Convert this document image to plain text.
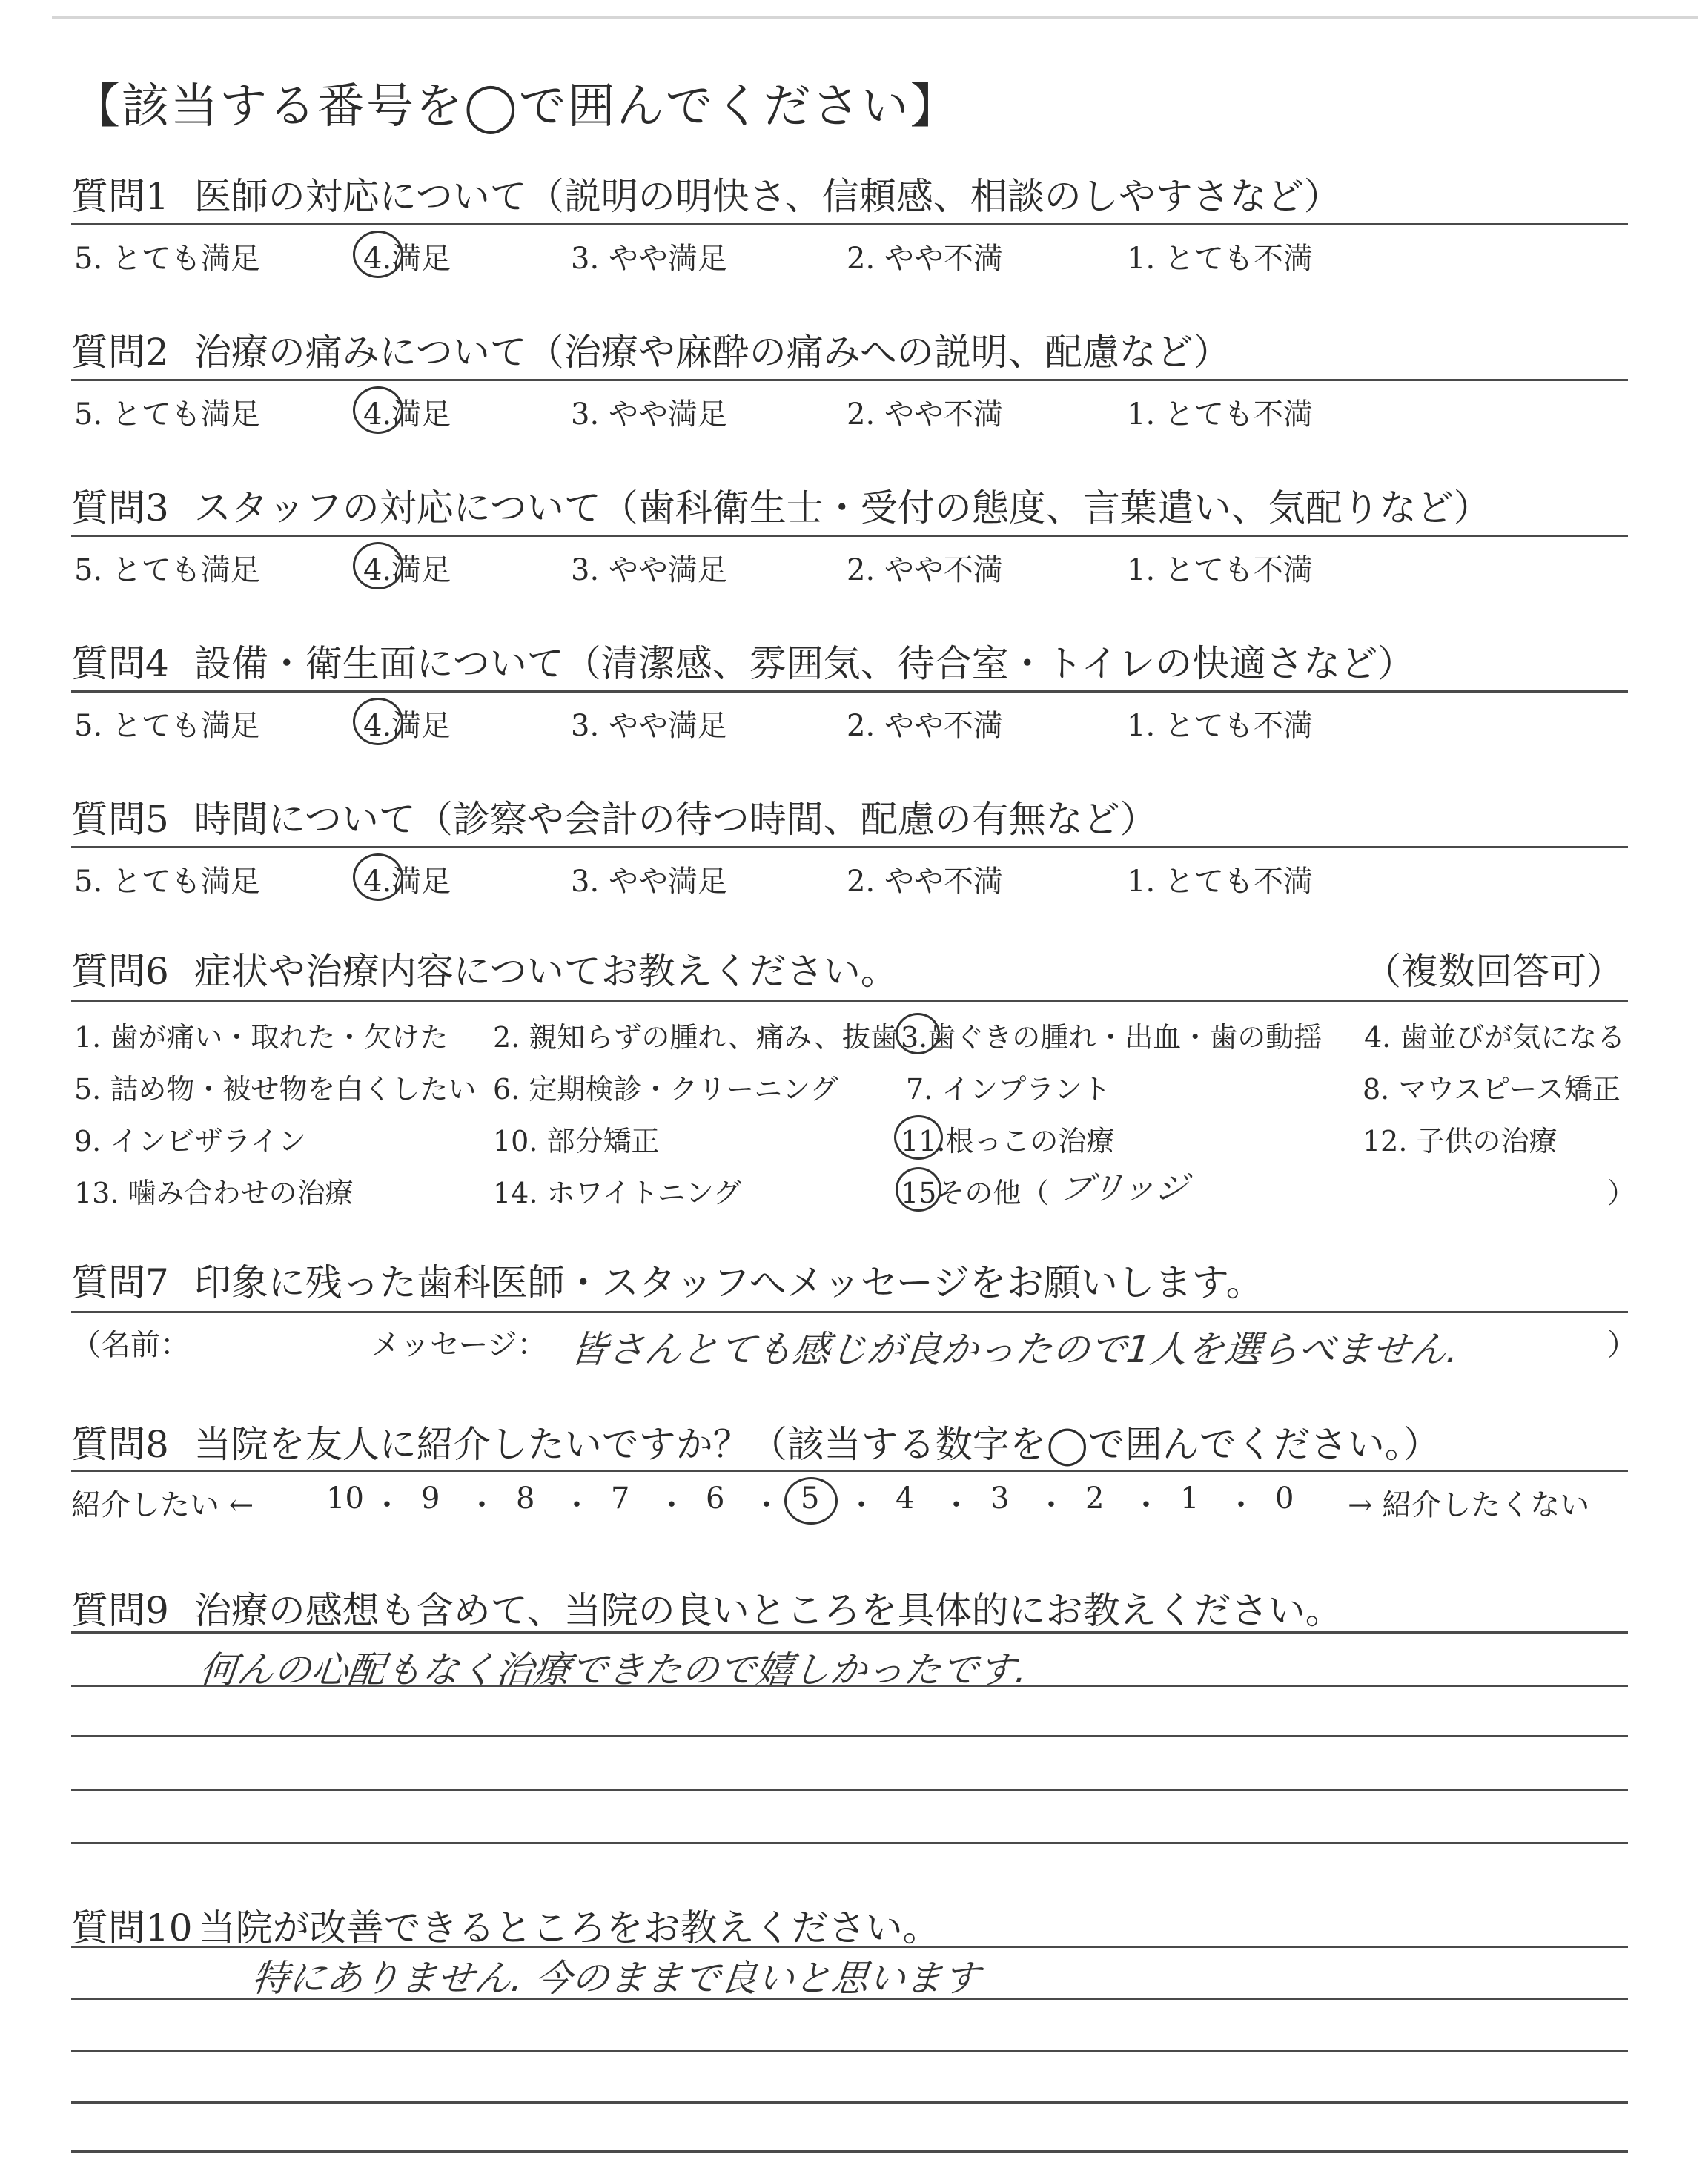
【該当する番号を◯で囲んでください】
質問1 医師の対応について（説明の明快さ、信頼感、相談のしやすさなど）
5. とても満足	4.満足	3. やや満足	2. やや不満	1. とても不満
質問2 治療の痛みについて（治療や麻酔の痛みへの説明、配慮など）
5. とても満足	4.満足	3. やや満足	2. やや不満	1. とても不満
質問3 スタッフの対応について（歯科衛生士・受付の態度、言葉遣い、気配りなど）
5. とても満足	4.満足	3. やや満足	2. やや不満	1. とても不満
質問4 設備・衛生面について（清潔感、雰囲気、待合室・トイレの快適さなど）
5. とても満足	4.満足	3. やや満足	2. やや不満	1. とても不満
質問5 時間について（診察や会計の待つ時間、配慮の有無など）
5. とても満足	4.満足	3. やや満足	2. やや不満	1. とても不満
質問6 症状や治療内容についてお教えください。	（複数回答可）
1. 歯が痛い・取れた・欠けた 2. 親知らずの腫れ、痛み、抜歯 3.歯ぐきの腫れ・出血・歯の動揺 4. 歯並びが気になる
5. 詰め物・被せ物を白くしたい 6. 定期検診・クリーニング 7. インプラント	8. マウスピース矯正
9. インビザライン	10. 部分矯正	11.根っこの治療	12. 子供の治療
13. 噛み合わせの治療	14. ホワイトニング	15その他（ ブリッジ	）
質問7 印象に残った歯科医師・スタッフへメッセージをお願いします。
（名前：	メッセージ： 皆さんとても感じが良かったので1人を選らべません.	）
質問8 当院を友人に紹介したいですか？（該当する数字を◯で囲んでください。）
紹介したい ← 10 ・ 9 ・ 8 ・ 7 ・ 6 ・ 5 ・ 4 ・ 3 ・ 2 ・ 1 ・ 0 → 紹介したくない
質問9 治療の感想も含めて、当院の良いところを具体的にお教えください。
何んの心配もなく治療できたので嬉しかったです.
質問10 当院が改善できるところをお教えください。
特にありません. 今のままで良いと思います
